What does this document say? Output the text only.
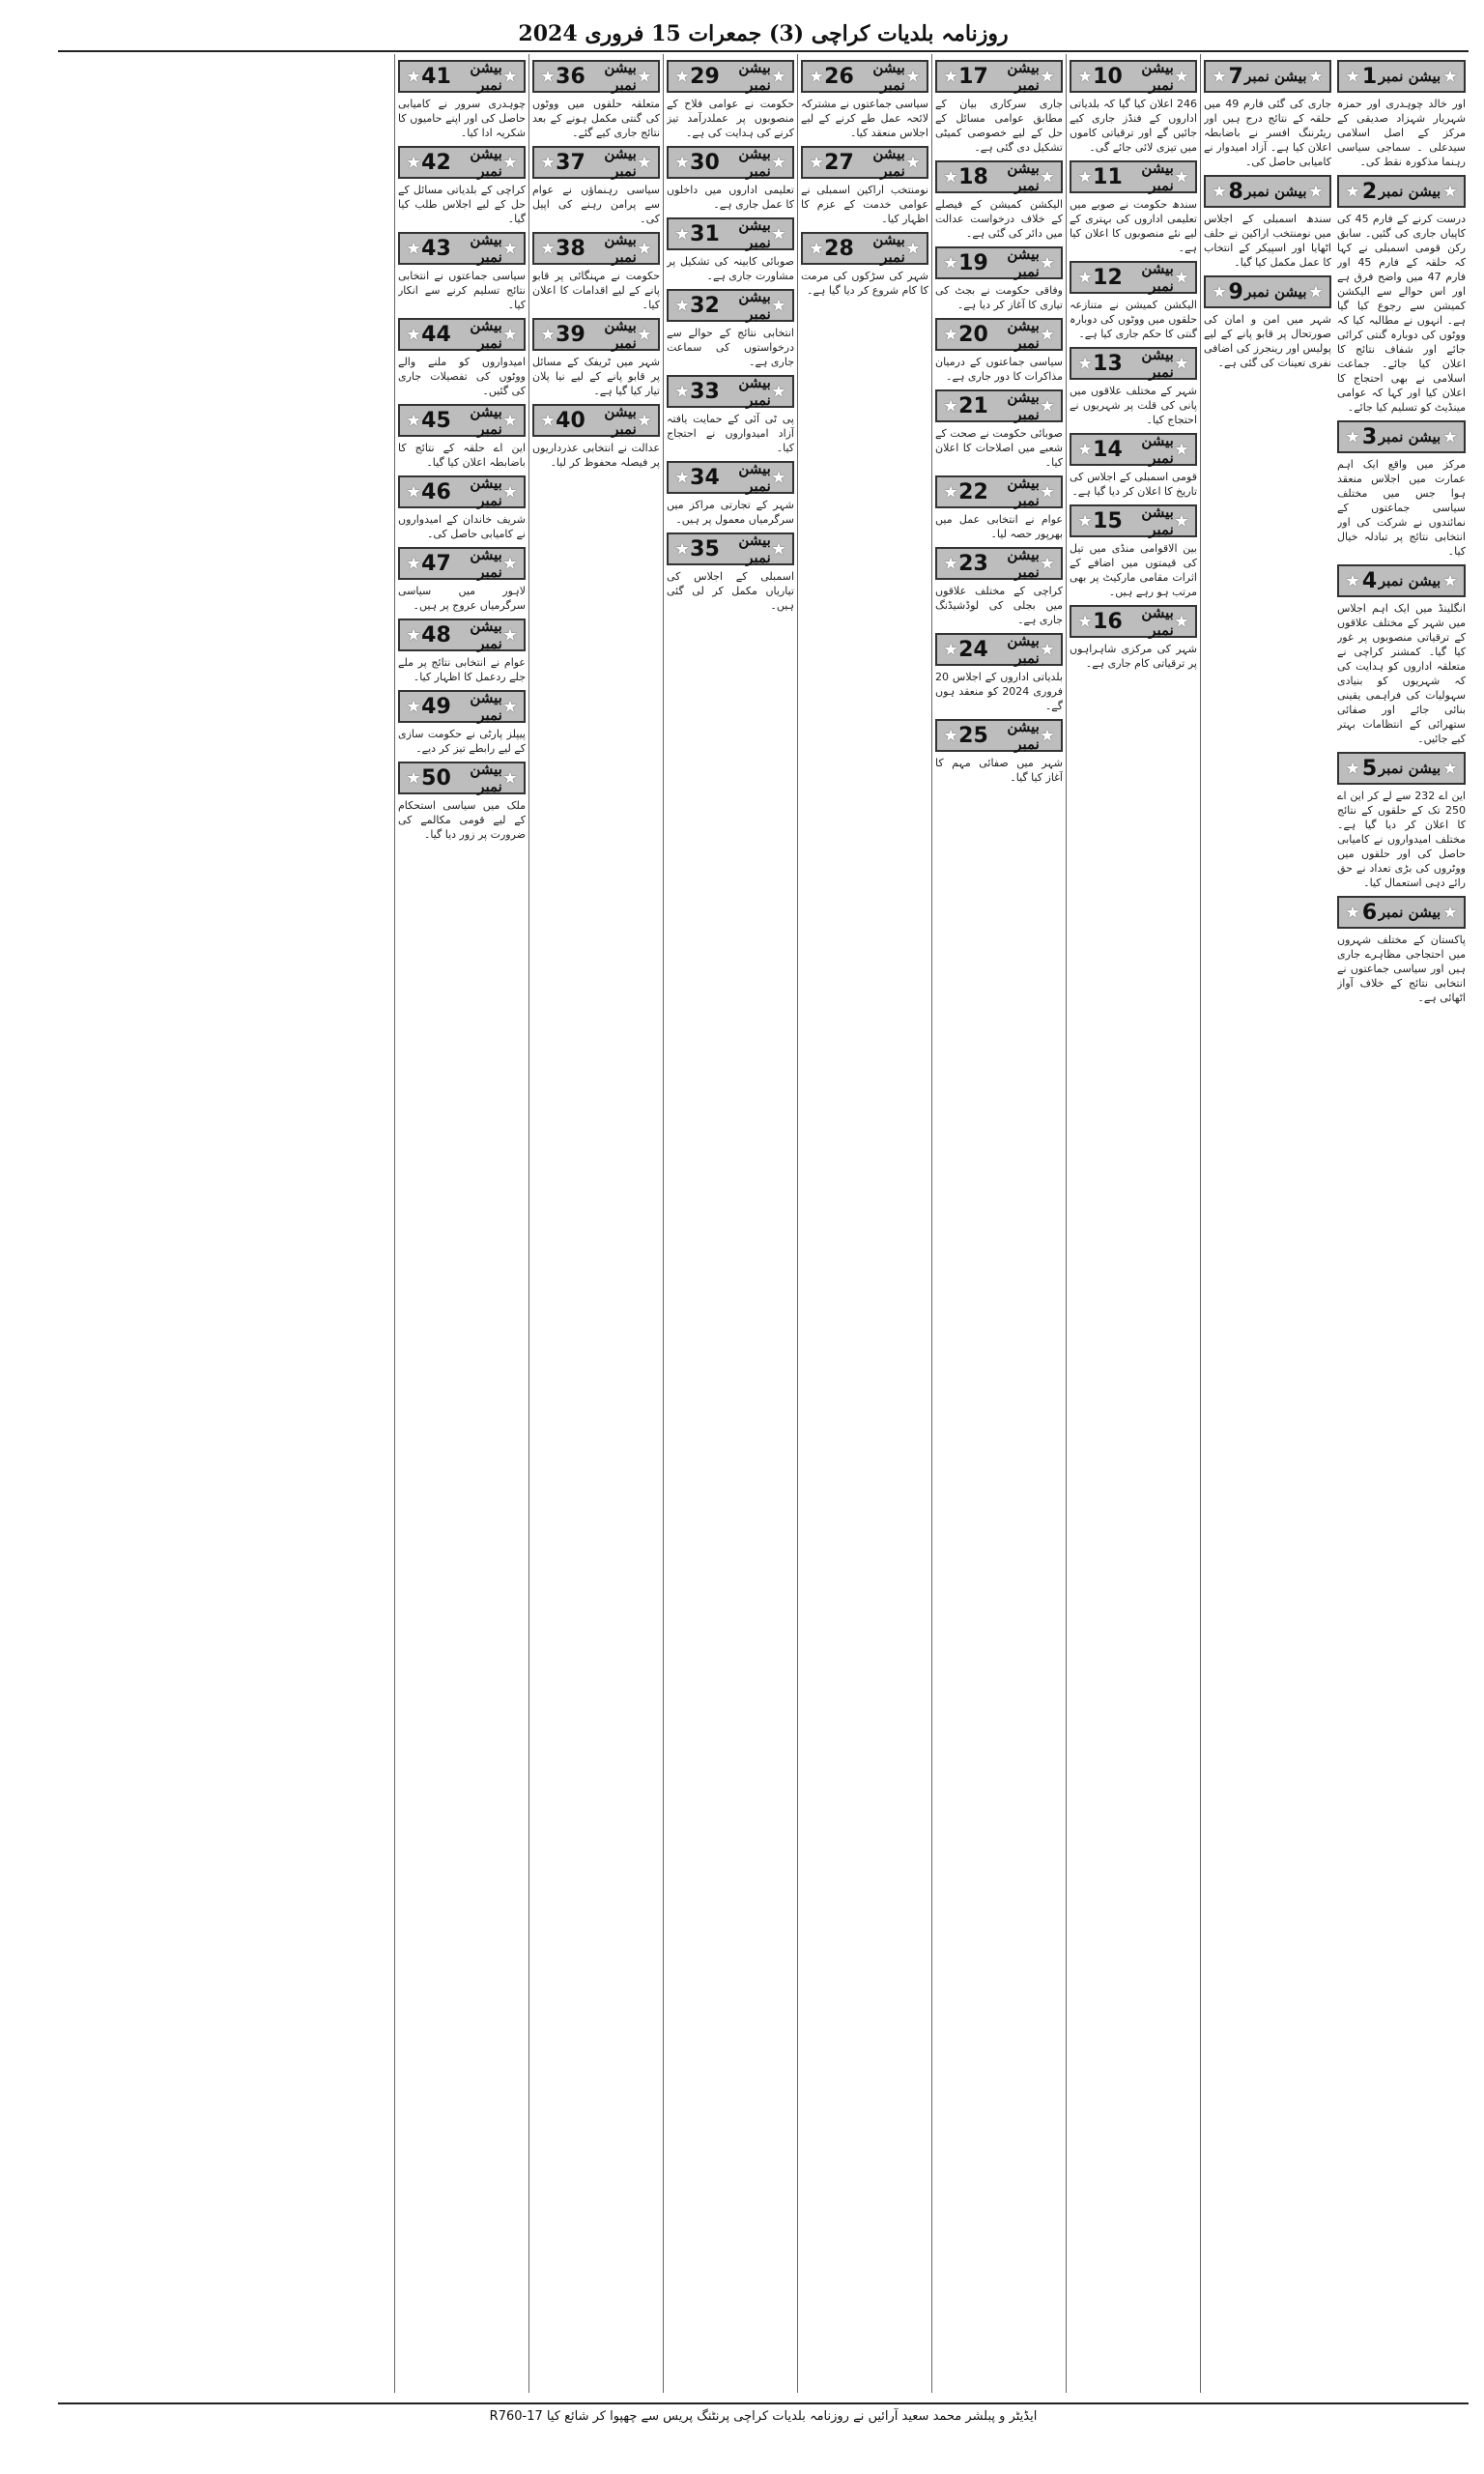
روزنامہ بلدیات کراچی (3) جمعرات 15 فروری 2024
★
بیشن نمبر
1
★
اور خالد چوہدری اور حمزہ شہریار شہزاد صدیقی کے مرکز کے اصل اسلامی سیدعلی ۔ سماجی سیاسی رہنما مذکورہ نقط کی۔
★
بیشن نمبر
2
★
درست کرنے کے فارم 45 کی کاپیاں جاری کی گئیں۔ سابق رکن قومی اسمبلی نے کہا کہ حلقہ کے فارم 45 اور فارم 47 میں واضح فرق ہے اور اس حوالے سے الیکشن کمیشن سے رجوع کیا گیا ہے۔ انہوں نے مطالبہ کیا کہ ووٹوں کی دوبارہ گنتی کرائی جائے اور شفاف نتائج کا اعلان کیا جائے۔ جماعت اسلامی نے بھی احتجاج کا اعلان کیا اور کہا کہ عوامی مینڈیٹ کو تسلیم کیا جائے۔
★
بیشن نمبر
3
★
مرکز میں واقع ایک اہم عمارت میں اجلاس منعقد ہوا جس میں مختلف سیاسی جماعتوں کے نمائندوں نے شرکت کی اور انتخابی نتائج پر تبادلہ خیال کیا۔
★
بیشن نمبر
4
★
انگلینڈ میں ایک اہم اجلاس میں شہر کے مختلف علاقوں کے ترقیاتی منصوبوں پر غور کیا گیا۔ کمشنر کراچی نے متعلقہ اداروں کو ہدایت کی کہ شہریوں کو بنیادی سہولیات کی فراہمی یقینی بنائی جائے اور صفائی ستھرائی کے انتظامات بہتر کیے جائیں۔
★
بیشن نمبر
5
★
این اے 232 سے لے کر این اے 250 تک کے حلقوں کے نتائج کا اعلان کر دیا گیا ہے۔ مختلف امیدواروں نے کامیابی حاصل کی اور حلقوں میں ووٹروں کی بڑی تعداد نے حق رائے دہی استعمال کیا۔
★
بیشن نمبر
6
★
پاکستان کے مختلف شہروں میں احتجاجی مظاہرے جاری ہیں اور سیاسی جماعتوں نے انتخابی نتائج کے خلاف آواز اٹھائی ہے۔
★
بیشن نمبر
7
★
جاری کی گئی فارم 49 میں حلقہ کے نتائج درج ہیں اور ریٹرننگ افسر نے باضابطہ اعلان کیا ہے۔ آزاد امیدوار نے کامیابی حاصل کی۔
★
بیشن نمبر
8
★
سندھ اسمبلی کے اجلاس میں نومنتخب اراکین نے حلف اٹھایا اور اسپیکر کے انتخاب کا عمل مکمل کیا گیا۔
★
بیشن نمبر
9
★
شہر میں امن و امان کی صورتحال پر قابو پانے کے لیے پولیس اور رینجرز کی اضافی نفری تعینات کی گئی ہے۔
★
بیشن نمبر
10
★
246 اعلان کیا گیا کہ بلدیاتی اداروں کے فنڈز جاری کیے جائیں گے اور ترقیاتی کاموں میں تیزی لائی جائے گی۔
★
بیشن نمبر
11
★
سندھ حکومت نے صوبے میں تعلیمی اداروں کی بہتری کے لیے نئے منصوبوں کا اعلان کیا ہے۔
★
بیشن نمبر
12
★
الیکشن کمیشن نے متنازعہ حلقوں میں ووٹوں کی دوبارہ گنتی کا حکم جاری کیا ہے۔
★
بیشن نمبر
13
★
شہر کے مختلف علاقوں میں پانی کی قلت پر شہریوں نے احتجاج کیا۔
★
بیشن نمبر
14
★
قومی اسمبلی کے اجلاس کی تاریخ کا اعلان کر دیا گیا ہے۔
★
بیشن نمبر
15
★
بین الاقوامی منڈی میں تیل کی قیمتوں میں اضافے کے اثرات مقامی مارکیٹ پر بھی مرتب ہو رہے ہیں۔
★
بیشن نمبر
16
★
شہر کی مرکزی شاہراہوں پر ترقیاتی کام جاری ہے۔
★
بیشن نمبر
17
★
جاری سرکاری بیان کے مطابق عوامی مسائل کے حل کے لیے خصوصی کمیٹی تشکیل دی گئی ہے۔
★
بیشن نمبر
18
★
الیکشن کمیشن کے فیصلے کے خلاف درخواست عدالت میں دائر کی گئی ہے۔
★
بیشن نمبر
19
★
وفاقی حکومت نے بجٹ کی تیاری کا آغاز کر دیا ہے۔
★
بیشن نمبر
20
★
سیاسی جماعتوں کے درمیان مذاکرات کا دور جاری ہے۔
★
بیشن نمبر
21
★
صوبائی حکومت نے صحت کے شعبے میں اصلاحات کا اعلان کیا۔
★
بیشن نمبر
22
★
عوام نے انتخابی عمل میں بھرپور حصہ لیا۔
★
بیشن نمبر
23
★
کراچی کے مختلف علاقوں میں بجلی کی لوڈشیڈنگ جاری ہے۔
★
بیشن نمبر
24
★
بلدیاتی اداروں کے اجلاس 20 فروری 2024 کو منعقد ہوں گے۔
★
بیشن نمبر
25
★
شہر میں صفائی مہم کا آغاز کیا گیا۔
★
بیشن نمبر
26
★
سیاسی جماعتوں نے مشترکہ لائحہ عمل طے کرنے کے لیے اجلاس منعقد کیا۔
★
بیشن نمبر
27
★
نومنتخب اراکین اسمبلی نے عوامی خدمت کے عزم کا اظہار کیا۔
★
بیشن نمبر
28
★
شہر کی سڑکوں کی مرمت کا کام شروع کر دیا گیا ہے۔
★
بیشن نمبر
29
★
حکومت نے عوامی فلاح کے منصوبوں پر عملدرآمد تیز کرنے کی ہدایت کی ہے۔
★
بیشن نمبر
30
★
تعلیمی اداروں میں داخلوں کا عمل جاری ہے۔
★
بیشن نمبر
31
★
صوبائی کابینہ کی تشکیل پر مشاورت جاری ہے۔
★
بیشن نمبر
32
★
انتخابی نتائج کے حوالے سے درخواستوں کی سماعت جاری ہے۔
★
بیشن نمبر
33
★
پی ٹی آئی کے حمایت یافتہ آزاد امیدواروں نے احتجاج کیا۔
★
بیشن نمبر
34
★
شہر کے تجارتی مراکز میں سرگرمیاں معمول پر ہیں۔
★
بیشن نمبر
35
★
اسمبلی کے اجلاس کی تیاریاں مکمل کر لی گئی ہیں۔
★
بیشن نمبر
36
★
متعلقہ حلقوں میں ووٹوں کی گنتی مکمل ہونے کے بعد نتائج جاری کیے گئے۔
★
بیشن نمبر
37
★
سیاسی رہنماؤں نے عوام سے پرامن رہنے کی اپیل کی۔
★
بیشن نمبر
38
★
حکومت نے مہنگائی پر قابو پانے کے لیے اقدامات کا اعلان کیا۔
★
بیشن نمبر
39
★
شہر میں ٹریفک کے مسائل پر قابو پانے کے لیے نیا پلان تیار کیا گیا ہے۔
★
بیشن نمبر
40
★
عدالت نے انتخابی عذرداریوں پر فیصلہ محفوظ کر لیا۔
★
بیشن نمبر
41
★
چوہدری سرور نے کامیابی حاصل کی اور اپنے حامیوں کا شکریہ ادا کیا۔
★
بیشن نمبر
42
★
کراچی کے بلدیاتی مسائل کے حل کے لیے اجلاس طلب کیا گیا۔
★
بیشن نمبر
43
★
سیاسی جماعتوں نے انتخابی نتائج تسلیم کرنے سے انکار کیا۔
★
بیشن نمبر
44
★
امیدواروں کو ملنے والے ووٹوں کی تفصیلات جاری کی گئیں۔
★
بیشن نمبر
45
★
این اے حلقہ کے نتائج کا باضابطہ اعلان کیا گیا۔
★
بیشن نمبر
46
★
شریف خاندان کے امیدواروں نے کامیابی حاصل کی۔
★
بیشن نمبر
47
★
لاہور میں سیاسی سرگرمیاں عروج پر ہیں۔
★
بیشن نمبر
48
★
عوام نے انتخابی نتائج پر ملے جلے ردعمل کا اظہار کیا۔
★
بیشن نمبر
49
★
پیپلز پارٹی نے حکومت سازی کے لیے رابطے تیز کر دیے۔
★
بیشن نمبر
50
★
ملک میں سیاسی استحکام کے لیے قومی مکالمے کی ضرورت پر زور دیا گیا۔
ایڈیٹر و پبلشر محمد سعید آرائیں نے روزنامہ بلدیات کراچی پرنٹنگ پریس سے چھپوا کر شائع کیا R760-17
